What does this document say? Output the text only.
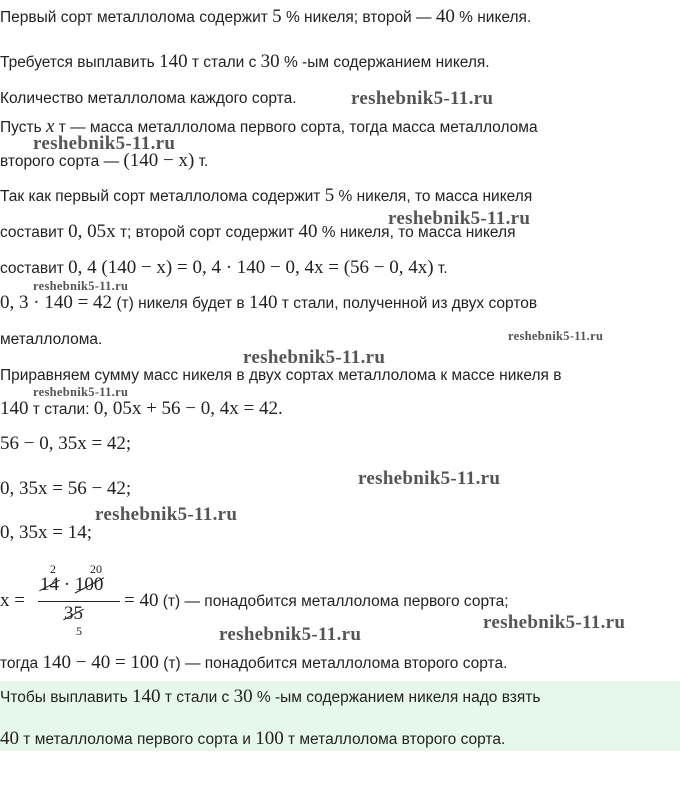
Первый сорт металлолома содержит 5 % никеля; второй — 40 % никеля.
Требуется выплавить 140 т стали с 30 % -ым содержанием никеля.
Количество металлолома каждого сорта.
Пусть x т — масса металлолома первого сорта, тогда масса металлолома
второго сорта — (140 − x) т.
Так как первый сорт металлолома содержит 5 % никеля, то масса никеля
составит 0, 05x т; второй сорт содержит 40 % никеля, то масса никеля
составит 0, 4 (140 − x) = 0, 4 · 140 − 0, 4x = (56 − 0, 4x) т.
0, 3 · 140 = 42 (т) никеля будет в 140 т стали, полученной из двух сортов
металлолома.
Приравняем сумму масс никеля в двух сортах металлолома к массе никеля в
140 т стали: 0, 05x + 56 − 0, 4x = 42.
56 − 0, 35x = 42;
0, 35x = 56 − 42;
0, 35x = 14;
x =
2	20
14 · 100
35
5
= 40 (т) — понадобится металлолома первого сорта;
тогда 140 − 40 = 100 (т) — понадобится металлолома второго сорта.
Чтобы выплавить 140 т стали с 30 % -ым содержанием никеля надо взять
40 т металлолома первого сорта и 100 т металлолома второго сорта.
reshebnik5-11.ru
reshebnik5-11.ru
reshebnik5-11.ru
reshebnik5-11.ru
reshebnik5-11.ru
reshebnik5-11.ru
reshebnik5-11.ru
reshebnik5-11.ru
reshebnik5-11.ru
reshebnik5-11.ru
reshebnik5-11.ru
